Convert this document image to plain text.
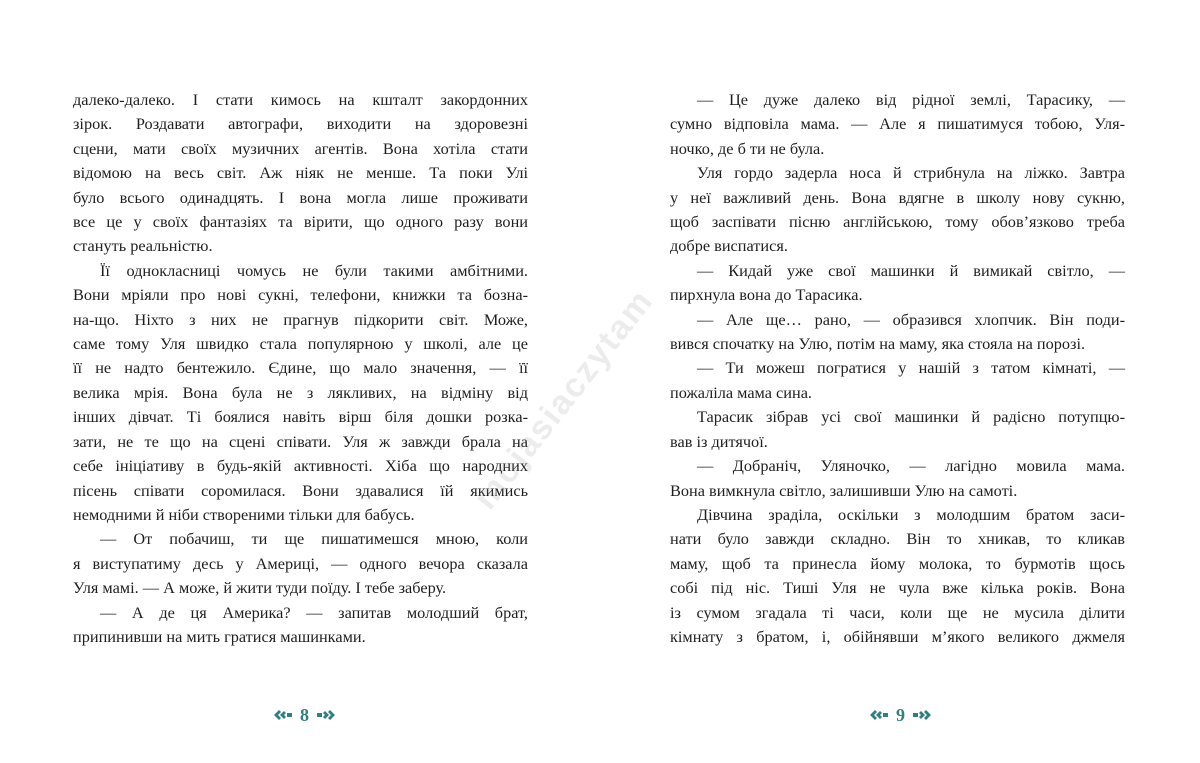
далеко-далеко. І стати кимось на кшталт закордонних

зірок. Роздавати автографи, виходити на здоровезні

сцени, мати своїх музичних агентів. Вона хотіла стати

відомою на весь світ. Аж ніяк не менше. Та поки Улі

було всього одинадцять. І вона могла лише проживати

все це у своїх фантазіях та вірити, що одного разу вони

стануть реальністю.

Її однокласниці чомусь не були такими амбітними.

Вони мріяли про нові сукні, телефони, книжки та бозна-

на-що. Ніхто з них не прагнув підкорити світ. Може,

саме тому Уля швидко стала популярною у школі, але це

її не надто бентежило. Єдине, що мало значення, — її

велика мрія. Вона була не з лякливих, на відміну від

інших дівчат. Ті боялися навіть вірш біля дошки розка-

зати, не те що на сцені співати. Уля ж завжди брала на

себе ініціативу в будь-якій активності. Хіба що народних

пісень співати соромилася. Вони здавалися їй якимись

немодними й ніби створеними тільки для бабусь.

— От побачиш, ти ще пишатимешся мною, коли

я виступатиму десь у Америці, — одного вечора сказала

Уля мамі. — А може, й жити туди поїду. І тебе заберу.

— А де ця Америка? — запитав молодший брат,

припинивши на мить гратися машинками.

— Це дуже далеко від рідної землі, Тарасику, —

сумно відповіла мама. — Але я пишатимуся тобою, Уля-

ночко, де б ти не була.

Уля гордо задерла носа й стрибнула на ліжко. Завтра

у неї важливий день. Вона вдягне в школу нову сукню,

щоб заспівати пісню англійською, тому обов’язково треба

добре виспатися.

— Кидай уже свої машинки й вимикай світло, —

пирхнула вона до Тарасика.

— Але ще… рано, — образився хлопчик. Він поди-

вився спочатку на Улю, потім на маму, яка стояла на порозі.

— Ти можеш погратися у нашій з татом кімнаті, —

пожаліла мама сина.

Тарасик зібрав усі свої машинки й радісно потупцю-

вав із дитячої.

— Добраніч, Уляночко, — лагідно мовила мама.

Вона вимкнула світло, залишивши Улю на самоті.

Дівчина зраділа, оскільки з молодшим братом заси-

нати було завжди складно. Він то хникав, то кликав

маму, щоб та принесла йому молока, то бурмотів щось

собі під ніс. Тиші Уля не чула вже кілька років. Вона

із сумом згадала ті часи, коли ще не мусила ділити

кімнату з братом, і, обійнявши м’якого великого джмеля

8	9
mojasiaczytam
